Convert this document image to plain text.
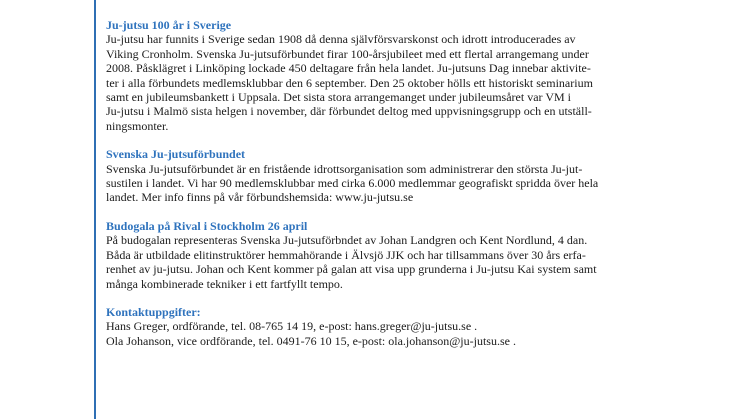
Ju-jutsu 100 år i Sverige

Ju-jutsu har funnits i Sverige sedan 1908 då denna självförsvarskonst och idrott introducerades av
Viking Cronholm. Svenska Ju-jutsuförbundet firar 100-årsjubileet med ett flertal arrangemang under
2008. Påsklägret i Linköping lockade 450 deltagare från hela landet. Ju-jutsuns Dag innebar aktivite-
ter i alla förbundets medlemsklubbar den 6 september. Den 25 oktober hölls ett historiskt seminarium
samt en jubileumsbankett i Uppsala. Det sista stora arrangemanget under jubileumsåret var VM i
Ju-jutsu i Malmö sista helgen i november, där förbundet deltog med uppvisningsgrupp och en utställ-
ningsmonter.

Svenska Ju-jutsuförbundet

Svenska Ju-jutsuförbundet är en fristående idrottsorganisation som administrerar den största Ju-jut-
sustilen i landet. Vi har 90 medlemsklubbar med cirka 6.000 medlemmar geografiskt spridda över hela
landet. Mer info finns på vår förbundshemsida: www.ju-jutsu.se

Budogala på Rival i Stockholm 26 april

På budogalan representeras Svenska Ju-jutsuförbndet av Johan Landgren och Kent Nordlund, 4 dan.
Båda är utbildade elitinstruktörer hemmahörande i Älvsjö JJK och har tillsammans över 30 års erfa-
renhet av ju-jutsu. Johan och Kent kommer på galan att visa upp grunderna i Ju-jutsu Kai system samt
många kombinerade tekniker i ett fartfyllt tempo.

Kontaktuppgifter:
Hans Greger, ordförande, tel. 08-765 14 19, e-post: hans.greger@ju-jutsu.se .
Ola Johanson, vice ordförande, tel. 0491-76 10 15, e-post: ola.johanson@ju-jutsu.se .
